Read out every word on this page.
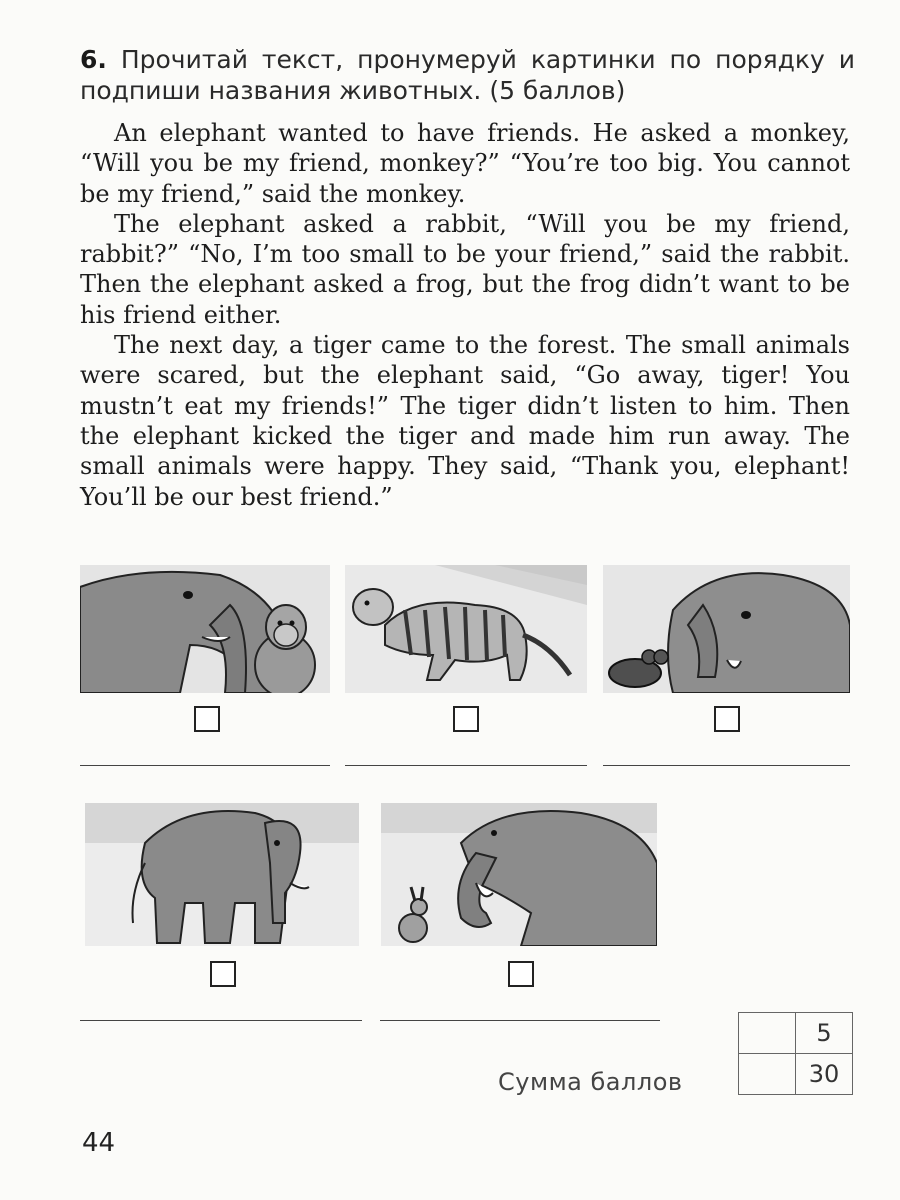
6. Прочитай текст, пронумеруй картинки по порядку и подпиши названия животных. (5 баллов)

An elephant wanted to have friends. He asked a monkey, “Will you be my friend, monkey?” “You’re too big. You cannot be my friend,” said the monkey.

The elephant asked a rabbit, “Will you be my friend, rabbit?” “No, I’m too small to be your friend,” said the rabbit. Then the elephant asked a frog, but the frog didn’t want to be his friend either.

The next day, a tiger came to the forest. The small animals were scared, but the elephant said, “Go away, tiger! You mustn’t eat my friends!” The tiger didn’t listen to him. Then the elephant kicked the tiger and made him run away. The small animals were happy. They said, “Thank you, elephant! You’ll be our best friend.”

	5
	30
Сумма баллов
44
